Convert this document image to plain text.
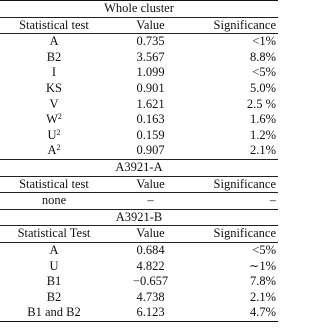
Whole cluster		
Statistical test	Value	Significance
A	0.735	<1%
B2	3.567	8.8%
I	1.099	<5%
KS	0.901	5.0%
V	1.621	2.5 %
$W^2$	0.163	1.6%
$U^2$	0.159	1.2%
$A^2$	0.907	2.1%
A3921-A		
Statistical test	Value	Significance
none	–	–
A3921-B		
Statistical Test	Value	Significance
A	0.684	<5%
U	4.822	∼1%
B1	−0.657	7.8%
B2	4.738	2.1%
B1 and B2	6.123	4.7%
